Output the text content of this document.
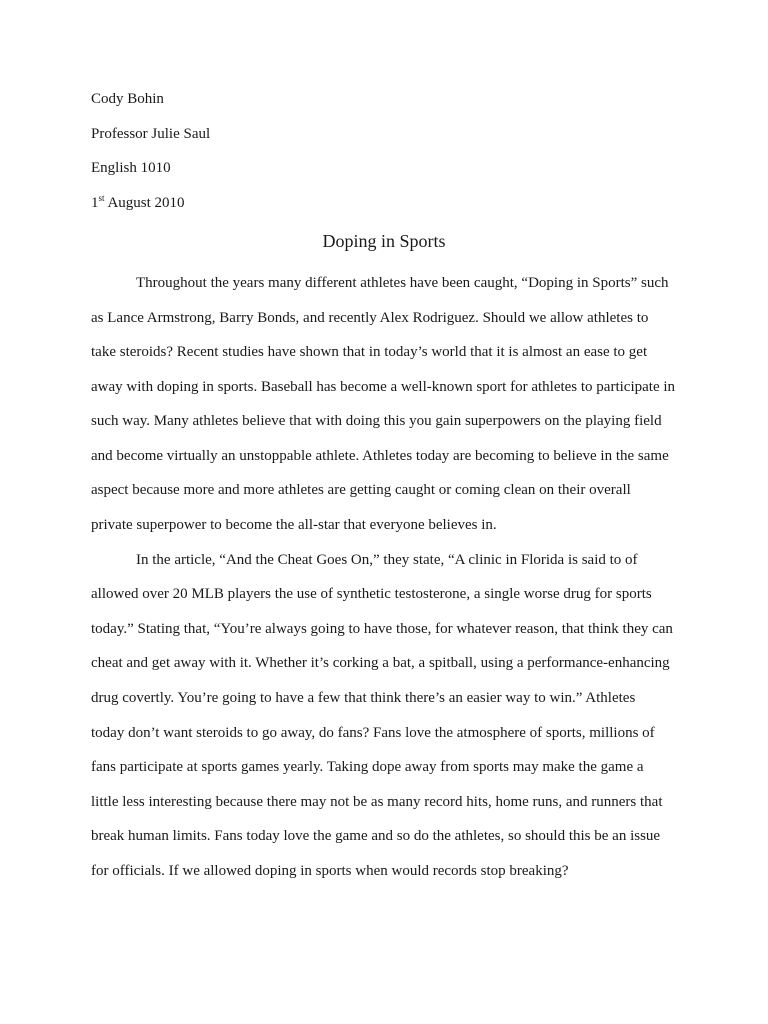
Cody Bohin
Professor Julie Saul
English 1010
1st August 2010
Doping in Sports
Throughout the years many different athletes have been caught, “Doping in Sports” such
as Lance Armstrong, Barry Bonds, and recently Alex Rodriguez. Should we allow athletes to
take steroids? Recent studies have shown that in today’s world that it is almost an ease to get
away with doping in sports. Baseball has become a well-known sport for athletes to participate in
such way. Many athletes believe that with doing this you gain superpowers on the playing field
and become virtually an unstoppable athlete. Athletes today are becoming to believe in the same
aspect because more and more athletes are getting caught or coming clean on their overall
private superpower to become the all-star that everyone believes in.
In the article, “And the Cheat Goes On,” they state, “A clinic in Florida is said to of
allowed over 20 MLB players the use of synthetic testosterone, a single worse drug for sports
today.” Stating that, “You’re always going to have those, for whatever reason, that think they can
cheat and get away with it. Whether it’s corking a bat, a spitball, using a performance-enhancing
drug covertly. You’re going to have a few that think there’s an easier way to win.” Athletes
today don’t want steroids to go away, do fans? Fans love the atmosphere of sports, millions of
fans participate at sports games yearly. Taking dope away from sports may make the game a
little less interesting because there may not be as many record hits, home runs, and runners that
break human limits. Fans today love the game and so do the athletes, so should this be an issue
for officials. If we allowed doping in sports when would records stop breaking?
